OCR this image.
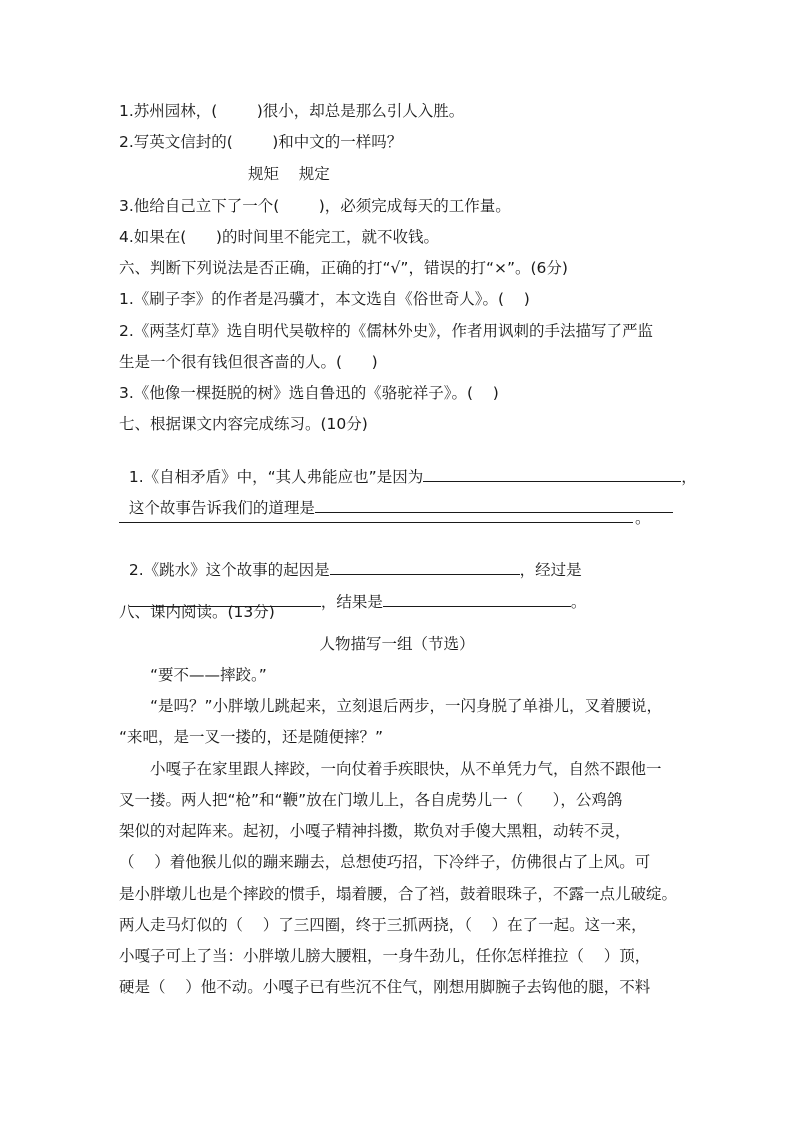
1.苏州园林，(        )很小，却总是那么引人入胜。
2.写英文信封的(        )和中文的一样吗？
规矩    规定
3.他给自己立下了一个(        )，必须完成每天的工作量。
4.如果在(      )的时间里不能完工，就不收钱。
六、判断下列说法是否正确，正确的打“√”，错误的打“×”。(6分)
1.《刷子李》的作者是冯骥才，本文选自《俗世奇人》。(    )
2.《两茎灯草》选自明代吴敬梓的《儒林外史》，作者用讽刺的手法描写了严监
生是一个很有钱但很吝啬的人。(      )
3.《他像一棵挺脱的树》选自鲁迅的《骆驼祥子》。(    )
七、根据课文内容完成练习。(10分)

1.《自相矛盾》中，“其人弗能应也”是因为	，

这个故事告诉我们的道理是

。

2.《跳水》这个故事的起因是	，经过是

，结果是	。

八、课内阅读。(13分)
人物描写一组（节选）
“要不——摔跤。”
“是吗？”小胖墩儿跳起来，立刻退后两步，一闪身脱了单褂儿，叉着腰说，
“来吧，是一叉一搂的，还是随便摔？”
小嘎子在家里跟人摔跤，一向仗着手疾眼快，从不单凭力气，自然不跟他一
叉一搂。两人把“枪”和“鞭”放在门墩儿上，各自虎势儿一（      ），公鸡鸽
架似的对起阵来。起初，小嘎子精神抖擞，欺负对手傻大黑粗，动转不灵，
（    ）着他猴儿似的蹦来蹦去，总想使巧招，下冷绊子，仿佛很占了上风。可
是小胖墩儿也是个摔跤的惯手，塌着腰，合了裆，鼓着眼珠子，不露一点儿破绽。
两人走马灯似的（    ）了三四圈，终于三抓两挠，（    ）在了一起。这一来，
小嘎子可上了当：小胖墩儿膀大腰粗，一身牛劲儿，任你怎样推拉（    ）顶，
硬是（    ）他不动。小嘎子已有些沉不住气，刚想用脚腕子去钩他的腿，不料
